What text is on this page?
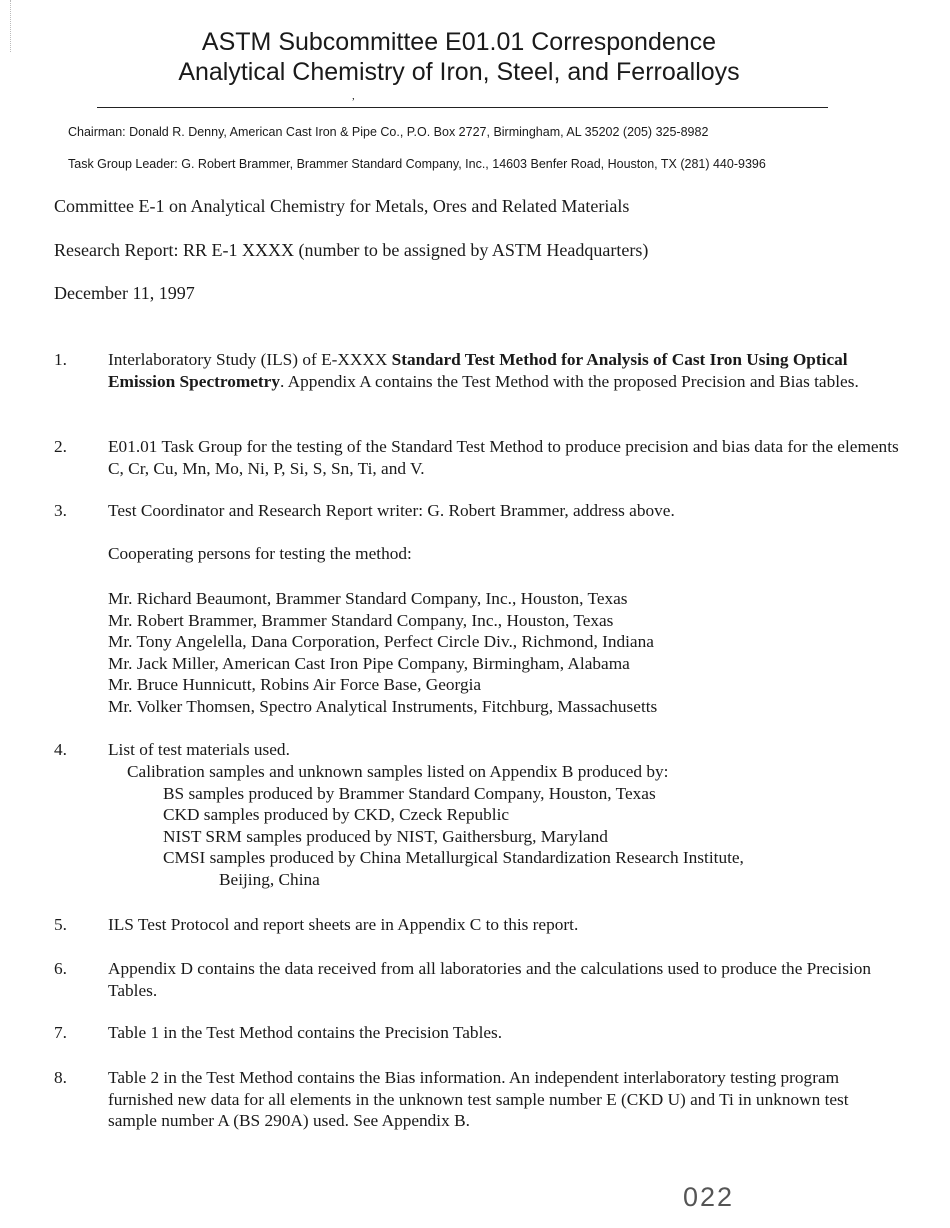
ASTM Subcommittee E01.01 Correspondence
Analytical Chemistry of Iron, Steel, and Ferroalloys
,
Chairman: Donald R. Denny, American Cast Iron & Pipe Co., P.O. Box 2727, Birmingham, AL 35202 (205) 325-8982
Task Group Leader: G. Robert Brammer, Brammer Standard Company, Inc., 14603 Benfer Road, Houston, TX (281) 440-9396
Committee E-1 on Analytical Chemistry for Metals, Ores and Related Materials
Research Report: RR E-1 XXXX (number to be assigned by ASTM Headquarters)
December 11, 1997
1. Interlaboratory Study (ILS) of E-XXXX Standard Test Method for Analysis of Cast Iron Using Optical Emission Spectrometry. Appendix A contains the Test Method with the proposed Precision and Bias tables.
2. E01.01 Task Group for the testing of the Standard Test Method to produce precision and bias data for the elements C, Cr, Cu, Mn, Mo, Ni, P, Si, S, Sn, Ti, and V.
3. Test Coordinator and Research Report writer: G. Robert Brammer, address above.
Cooperating persons for testing the method:
Mr. Richard Beaumont, Brammer Standard Company, Inc., Houston, Texas
Mr. Robert Brammer, Brammer Standard Company, Inc., Houston, Texas
Mr. Tony Angelella, Dana Corporation, Perfect Circle Div., Richmond, Indiana
Mr. Jack Miller, American Cast Iron Pipe Company, Birmingham, Alabama
Mr. Bruce Hunnicutt, Robins Air Force Base, Georgia
Mr. Volker Thomsen, Spectro Analytical Instruments, Fitchburg, Massachusetts
4. List of test materials used.
Calibration samples and unknown samples listed on Appendix B produced by:
BS samples produced by Brammer Standard Company, Houston, Texas
CKD samples produced by CKD, Czeck Republic
NIST SRM samples produced by NIST, Gaithersburg, Maryland
CMSI samples produced by China Metallurgical Standardization Research Institute,
Beijing, China
5. ILS Test Protocol and report sheets are in Appendix C to this report.
6. Appendix D contains the data received from all laboratories and the calculations used to produce the Precision Tables.
7. Table 1 in the Test Method contains the Precision Tables.
8. Table 2 in the Test Method contains the Bias information. An independent interlaboratory testing program furnished new data for all elements in the unknown test sample number E (CKD U) and Ti in unknown test sample number A (BS 290A) used. See Appendix B.
022
